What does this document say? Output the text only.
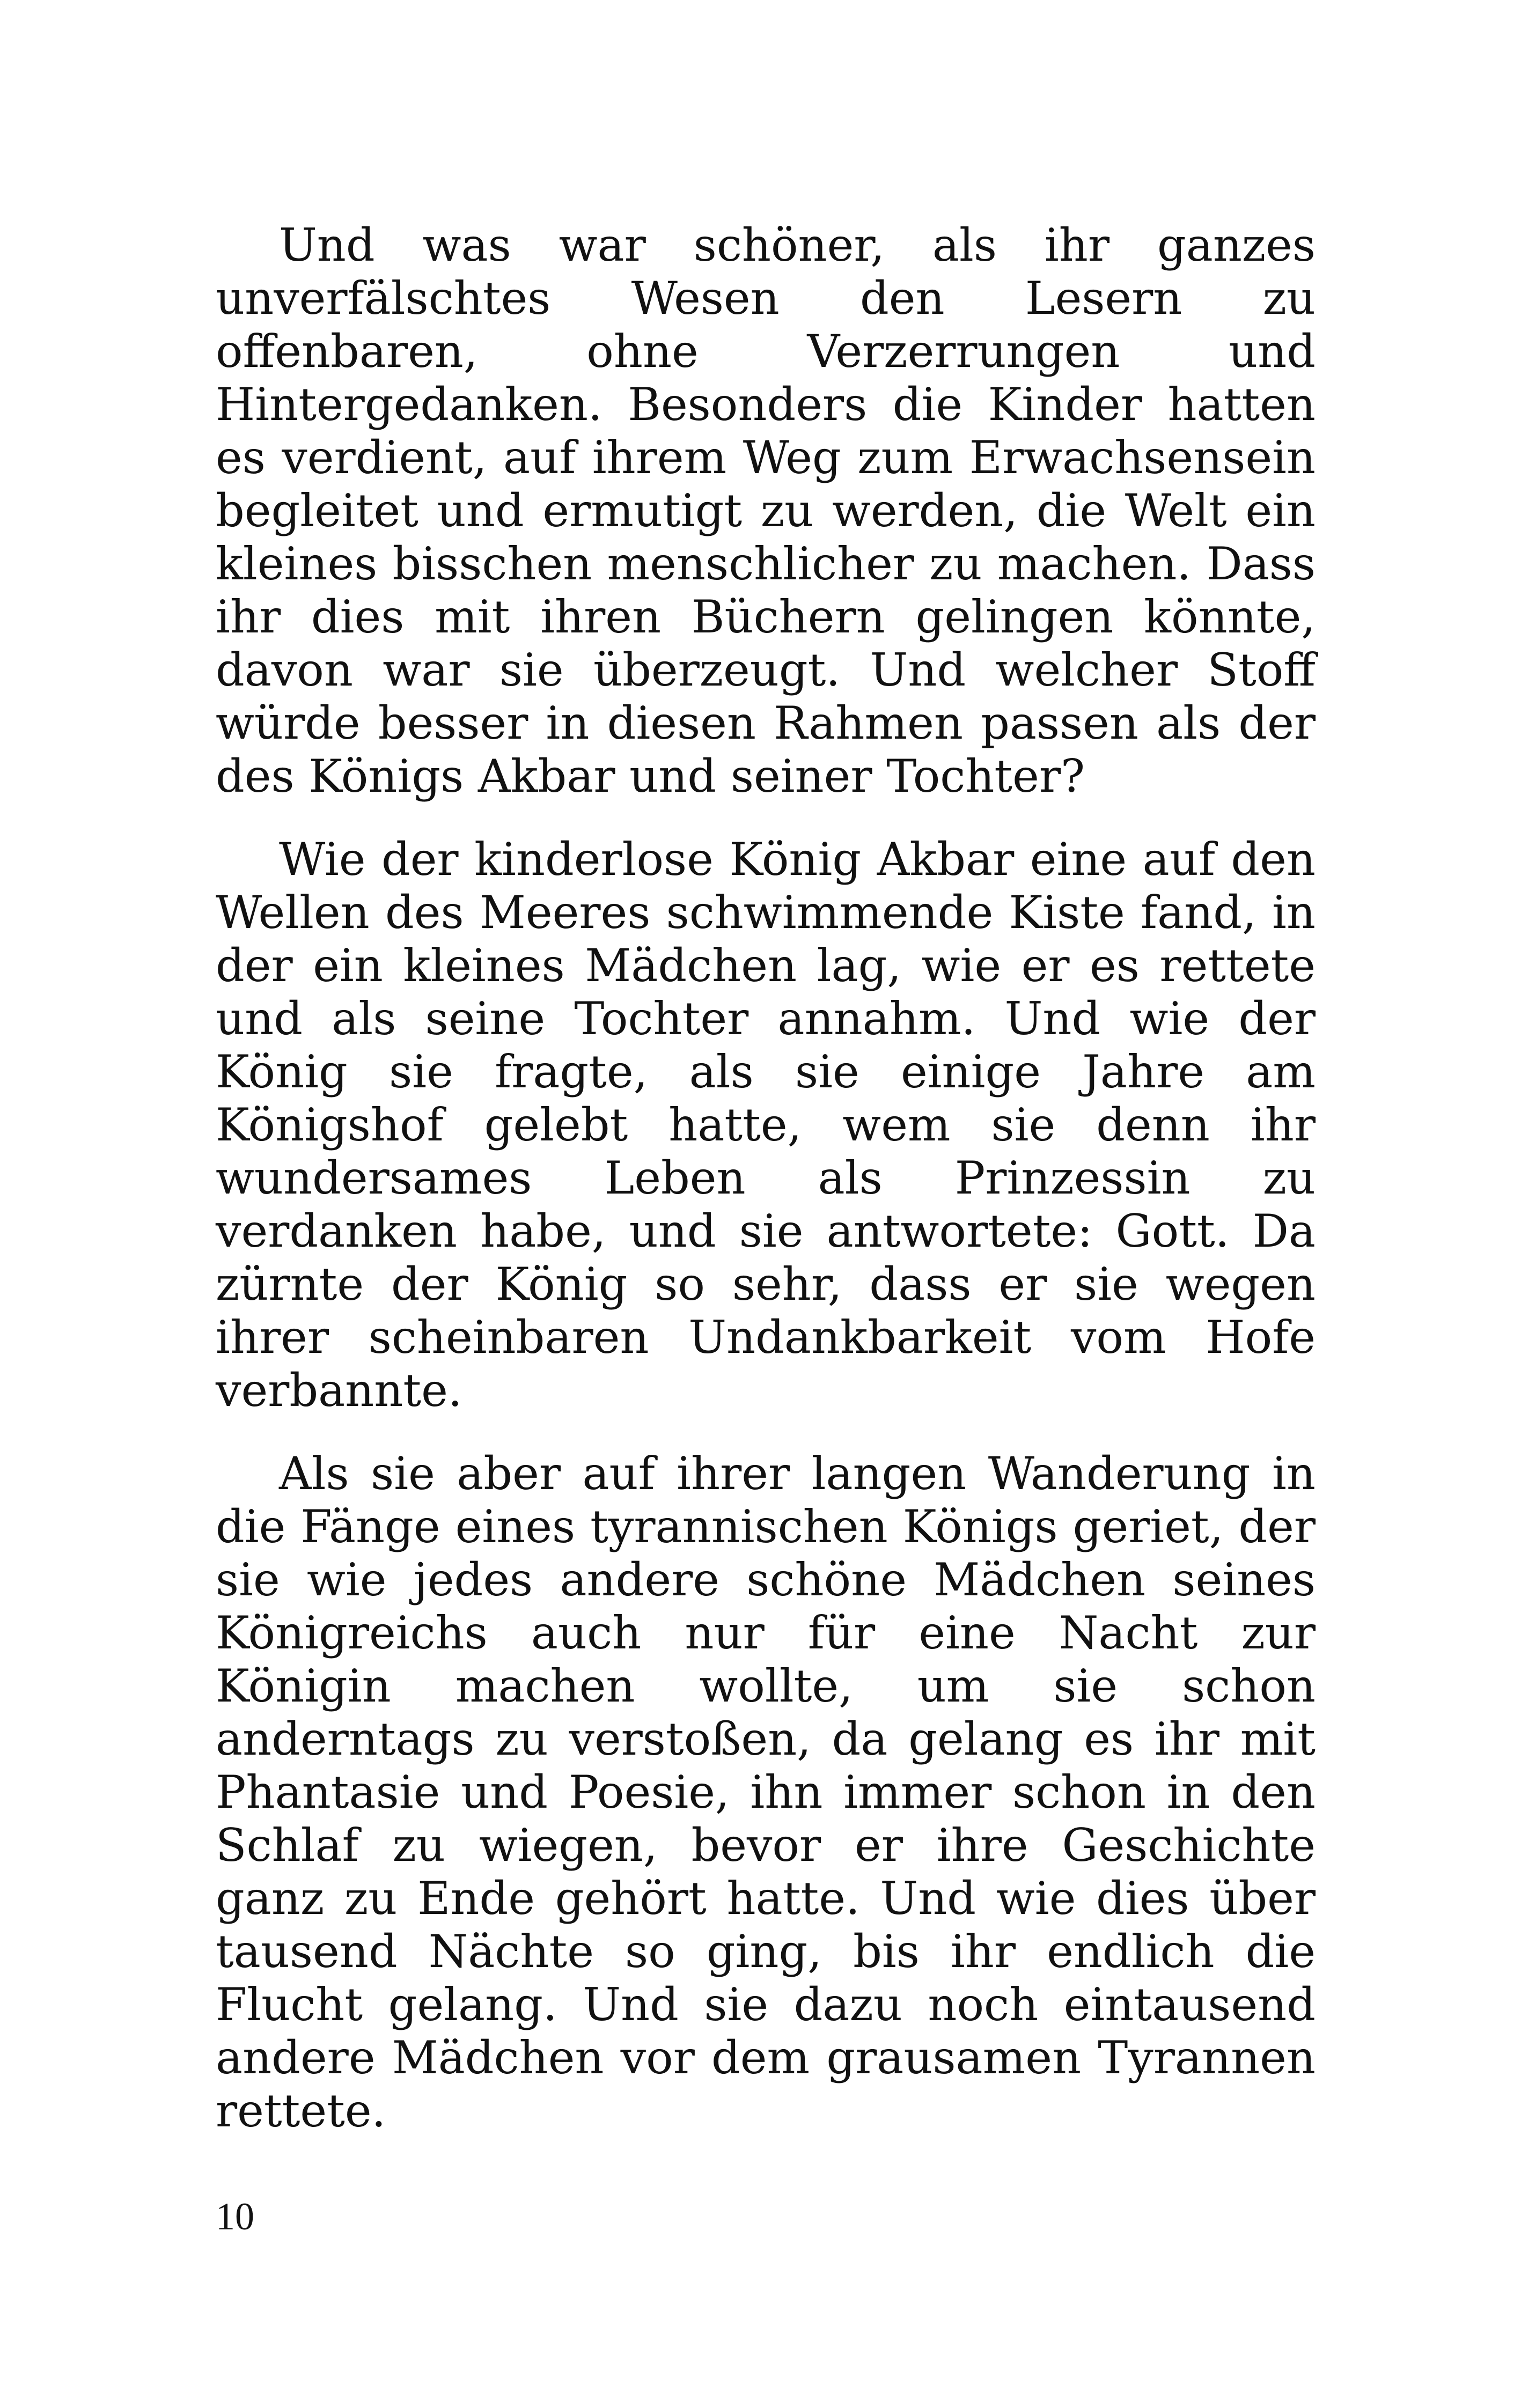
Und was war schöner, als ihr ganzes unverfälschtes Wesen den Lesern zu offenbaren, ohne Verzerrungen und Hintergedanken. Besonders die Kinder hatten es verdient, auf ihrem Weg zum Erwachsensein begleitet und ermutigt zu werden, die Welt ein kleines bisschen menschlicher zu machen. Dass ihr dies mit ihren Büchern gelingen könnte, davon war sie überzeugt. Und welcher Stoff würde besser in diesen Rahmen passen als der des Königs Akbar und seiner Tochter?

Wie der kinderlose König Akbar eine auf den Wellen des Meeres schwimmende Kiste fand, in der ein kleines Mädchen lag, wie er es rettete und als seine Tochter annahm. Und wie der König sie fragte, als sie einige Jahre am Königshof gelebt hatte, wem sie denn ihr wundersames Leben als Prinzessin zu verdanken habe, und sie antwortete: Gott. Da zürnte der König so sehr, dass er sie wegen ihrer scheinbaren Undankbarkeit vom Hofe verbannte.

Als sie aber auf ihrer langen Wanderung in die Fänge eines tyrannischen Königs geriet, der sie wie jedes andere schöne Mädchen seines Königreichs auch nur für eine Nacht zur Königin machen wollte, um sie schon anderntags zu verstoßen, da gelang es ihr mit Phantasie und Poesie, ihn immer schon in den Schlaf zu wiegen, bevor er ihre Geschichte ganz zu Ende gehört hatte. Und wie dies über tausend Nächte so ging, bis ihr endlich die Flucht gelang. Und sie dazu noch eintausend andere Mädchen vor dem grausamen Tyrannen rettete.

10
